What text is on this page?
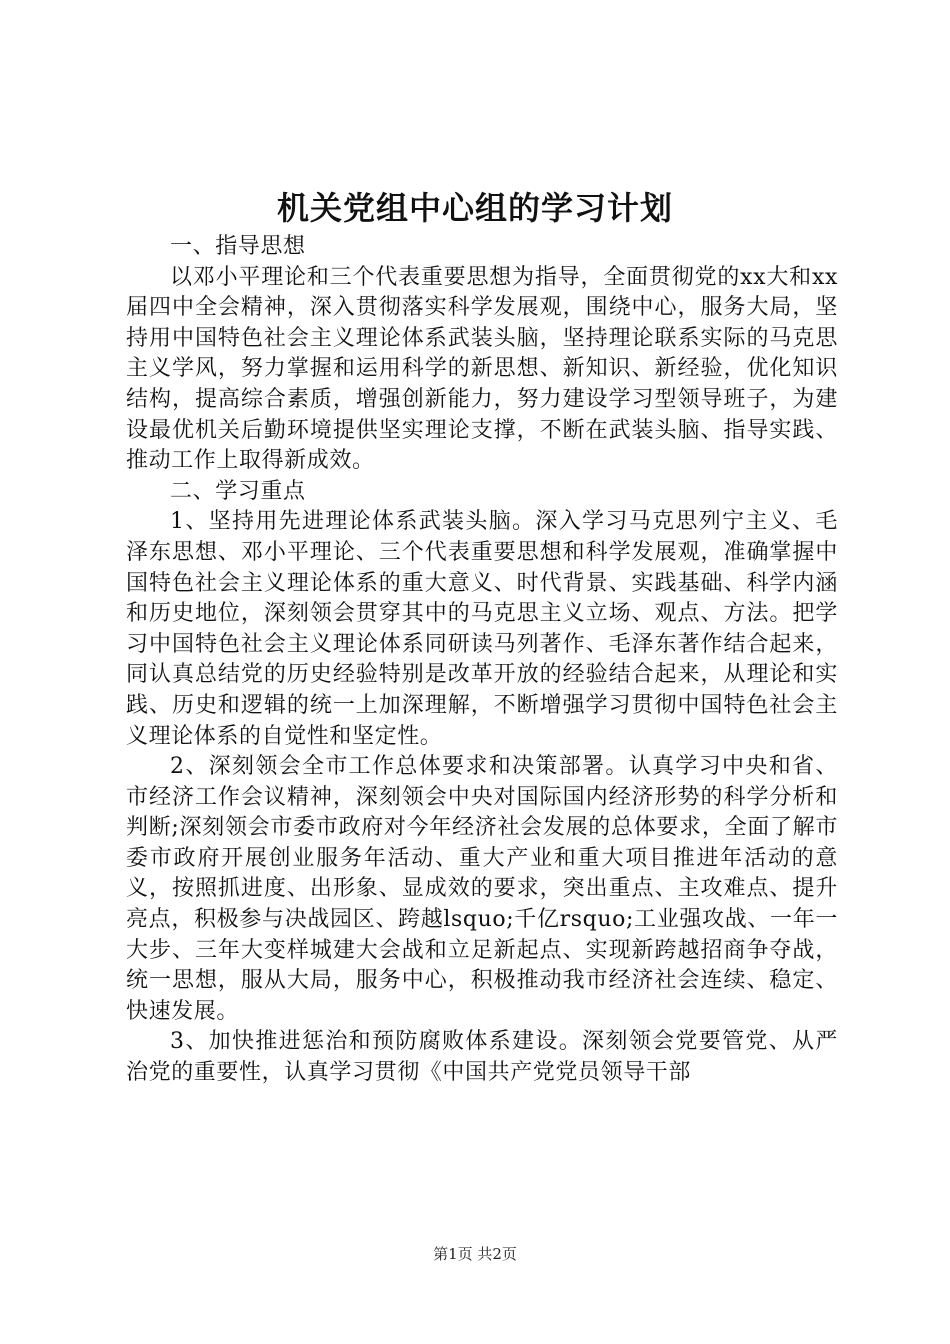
机关党组中心组的学习计划

一、指导思想

以邓小平理论和三个代表重要思想为指导，全面贯彻党的xx大和xx届四中全会精神，深入贯彻落实科学发展观，围绕中心，服务大局，坚持用中国特色社会主义理论体系武装头脑，坚持理论联系实际的马克思主义学风，努力掌握和运用科学的新思想、新知识、新经验，优化知识结构，提高综合素质，增强创新能力，努力建设学习型领导班子，为建设最优机关后勤环境提供坚实理论支撑，不断在武装头脑、指导实践、推动工作上取得新成效。

二、学习重点

1、坚持用先进理论体系武装头脑。深入学习马克思列宁主义、毛泽东思想、邓小平理论、三个代表重要思想和科学发展观，准确掌握中国特色社会主义理论体系的重大意义、时代背景、实践基础、科学内涵和历史地位，深刻领会贯穿其中的马克思主义立场、观点、方法。把学习中国特色社会主义理论体系同研读马列著作、毛泽东著作结合起来，同认真总结党的历史经验特别是改革开放的经验结合起来，从理论和实践、历史和逻辑的统一上加深理解，不断增强学习贯彻中国特色社会主义理论体系的自觉性和坚定性。

2、深刻领会全市工作总体要求和决策部署。认真学习中央和省、市经济工作会议精神，深刻领会中央对国际国内经济形势的科学分析和判断;深刻领会市委市政府对今年经济社会发展的总体要求，全面了解市委市政府开展创业服务年活动、重大产业和重大项目推进年活动的意义，按照抓进度、出形象、显成效的要求，突出重点、主攻难点、提升亮点，积极参与决战园区、跨越lsquo;千亿rsquo;工业强攻战、一年一大步、三年大变样城建大会战和立足新起点、实现新跨越招商争夺战，统一思想，服从大局，服务中心，积极推动我市经济社会连续、稳定、快速发展。

3、加快推进惩治和预防腐败体系建设。深刻领会党要管党、从严治党的重要性，认真学习贯彻《中国共产党党员领导干部

第1页 共2页
